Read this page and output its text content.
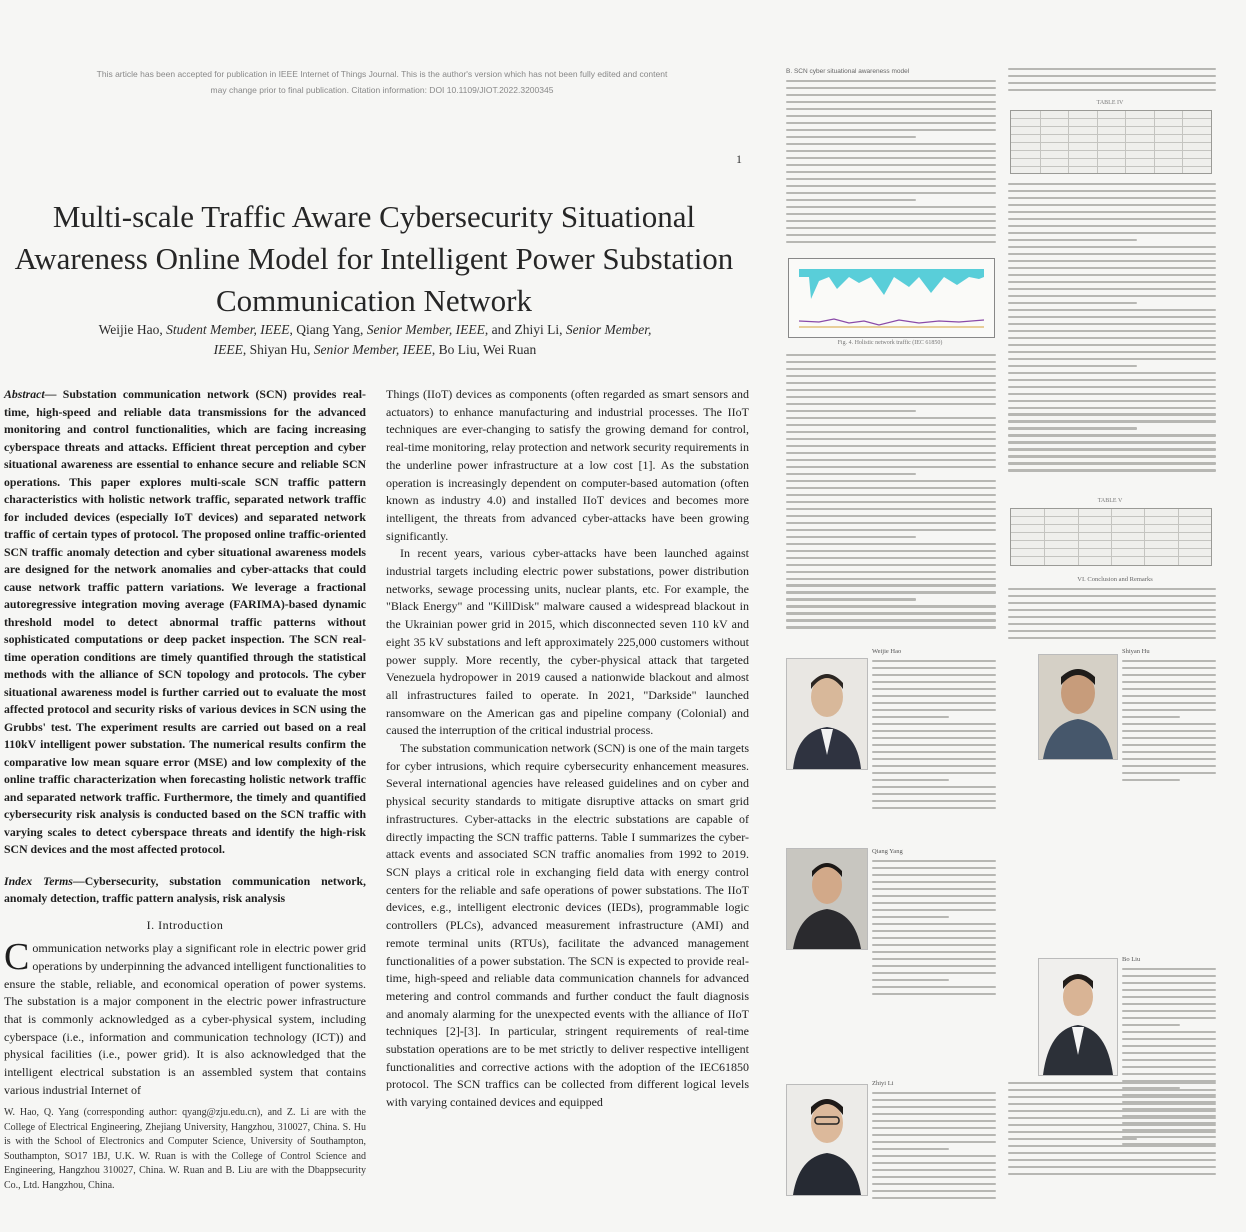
This article has been accepted for publication in IEEE Internet of Things Journal. This is the author's version which has not been fully edited and content may change prior to final publication. Citation information: DOI 10.1109/JIOT.2022.3200345
1
Multi-scale Traffic Aware Cybersecurity Situational Awareness Online Model for Intelligent Power Substation Communication Network
Weijie Hao, Student Member, IEEE, Qiang Yang, Senior Member, IEEE, and Zhiyi Li, Senior Member,
IEEE, Shiyan Hu, Senior Member, IEEE, Bo Liu, Wei Ruan

Abstract— Substation communication network (SCN) provides real-time, high-speed and reliable data transmissions for the advanced monitoring and control functionalities, which are facing increasing cyberspace threats and attacks. Efficient threat perception and cyber situational awareness are essential to enhance secure and reliable SCN operations. This paper explores multi-scale SCN traffic pattern characteristics with holistic network traffic, separated network traffic for included devices (especially IoT devices) and separated network traffic of certain types of protocol. The proposed online traffic-oriented SCN traffic anomaly detection and cyber situational awareness models are designed for the network anomalies and cyber-attacks that could cause network traffic pattern variations. We leverage a fractional autoregressive integration moving average (FARIMA)-based dynamic threshold model to detect abnormal traffic patterns without sophisticated computations or deep packet inspection. The SCN real-time operation conditions are timely quantified through the statistical methods with the alliance of SCN topology and protocols. The cyber situational awareness model is further carried out to evaluate the most affected protocol and security risks of various devices in SCN using the Grubbs' test. The experiment results are carried out based on a real 110kV intelligent power substation. The numerical results confirm the comparative low mean square error (MSE) and low complexity of the online traffic characterization when forecasting holistic network traffic and separated network traffic. Furthermore, the timely and quantified cybersecurity risk analysis is conducted based on the SCN traffic with varying scales to detect cyberspace threats and identify the high-risk SCN devices and the most affected protocol.

Index Terms—Cybersecurity, substation communication network, anomaly detection, traffic pattern analysis, risk analysis

I. Introduction

Communication networks play a significant role in electric power grid operations by underpinning the advanced intelligent functionalities to ensure the stable, reliable, and economical operation of power systems. The substation is a major component in the electric power infrastructure that is commonly acknowledged as a cyber-physical system, including cyberspace (i.e., information and communication technology (ICT)) and physical facilities (i.e., power grid). It is also acknowledged that the intelligent electrical substation is an assembled system that contains various industrial Internet of

W. Hao, Q. Yang (corresponding author: qyang@zju.edu.cn), and Z. Li are with the College of Electrical Engineering, Zhejiang University, Hangzhou, 310027, China. S. Hu is with the School of Electronics and Computer Science, University of Southampton, Southampton, SO17 1BJ, U.K. W. Ruan is with the College of Control Science and Engineering, Hangzhou 310027, China. W. Ruan and B. Liu are with the Dbappsecurity Co., Ltd. Hangzhou, China.

Things (IIoT) devices as components (often regarded as smart sensors and actuators) to enhance manufacturing and industrial processes. The IIoT techniques are ever-changing to satisfy the growing demand for control, real-time monitoring, relay protection and network security requirements in the underline power infrastructure at a low cost [1]. As the substation operation is increasingly dependent on computer-based automation (often known as industry 4.0) and installed IIoT devices and becomes more intelligent, the threats from advanced cyber-attacks have been growing significantly.

In recent years, various cyber-attacks have been launched against industrial targets including electric power substations, power distribution networks, sewage processing units, nuclear plants, etc. For example, the "Black Energy" and "KillDisk" malware caused a widespread blackout in the Ukrainian power grid in 2015, which disconnected seven 110 kV and eight 35 kV substations and left approximately 225,000 customers without power supply. More recently, the cyber-physical attack that targeted Venezuela hydropower in 2019 caused a nationwide blackout and almost all infrastructures failed to operate. In 2021, "Darkside" launched ransomware on the American gas and pipeline company (Colonial) and caused the interruption of the critical industrial process.

The substation communication network (SCN) is one of the main targets for cyber intrusions, which require cybersecurity enhancement measures. Several international agencies have released guidelines and on cyber and physical security standards to mitigate disruptive attacks on smart grid infrastructures. Cyber-attacks in the electric substations are capable of directly impacting the SCN traffic patterns. Table I summarizes the cyber-attack events and associated SCN traffic anomalies from 1992 to 2019. SCN plays a critical role in exchanging field data with energy control centers for the reliable and safe operations of power substations. The IIoT devices, e.g., intelligent electronic devices (IEDs), programmable logic controllers (PLCs), advanced measurement infrastructure (AMI) and remote terminal units (RTUs), facilitate the advanced management functionalities of a power substation. The SCN is expected to provide real-time, high-speed and reliable data communication channels for advanced metering and control commands and further conduct the fault diagnosis and anomaly alarming for the unexpected events with the alliance of IIoT techniques [2]-[3]. In particular, stringent requirements of real-time substation operations are to be met strictly to deliver respective intelligent functionalities and corrective actions with the adoption of the IEC61850 protocol. The SCN traffics can be collected from different logical levels with varying contained devices and equipped

B. SCN cyber situational awareness model
Fig. 4. Holistic network traffic (IEC 61850)
TABLE IV
TABLE V
VI. Conclusion and Remarks
Weijie Hao	Shiyan Hu
Qiang Yang
Bo Liu
Zhiyi Li
